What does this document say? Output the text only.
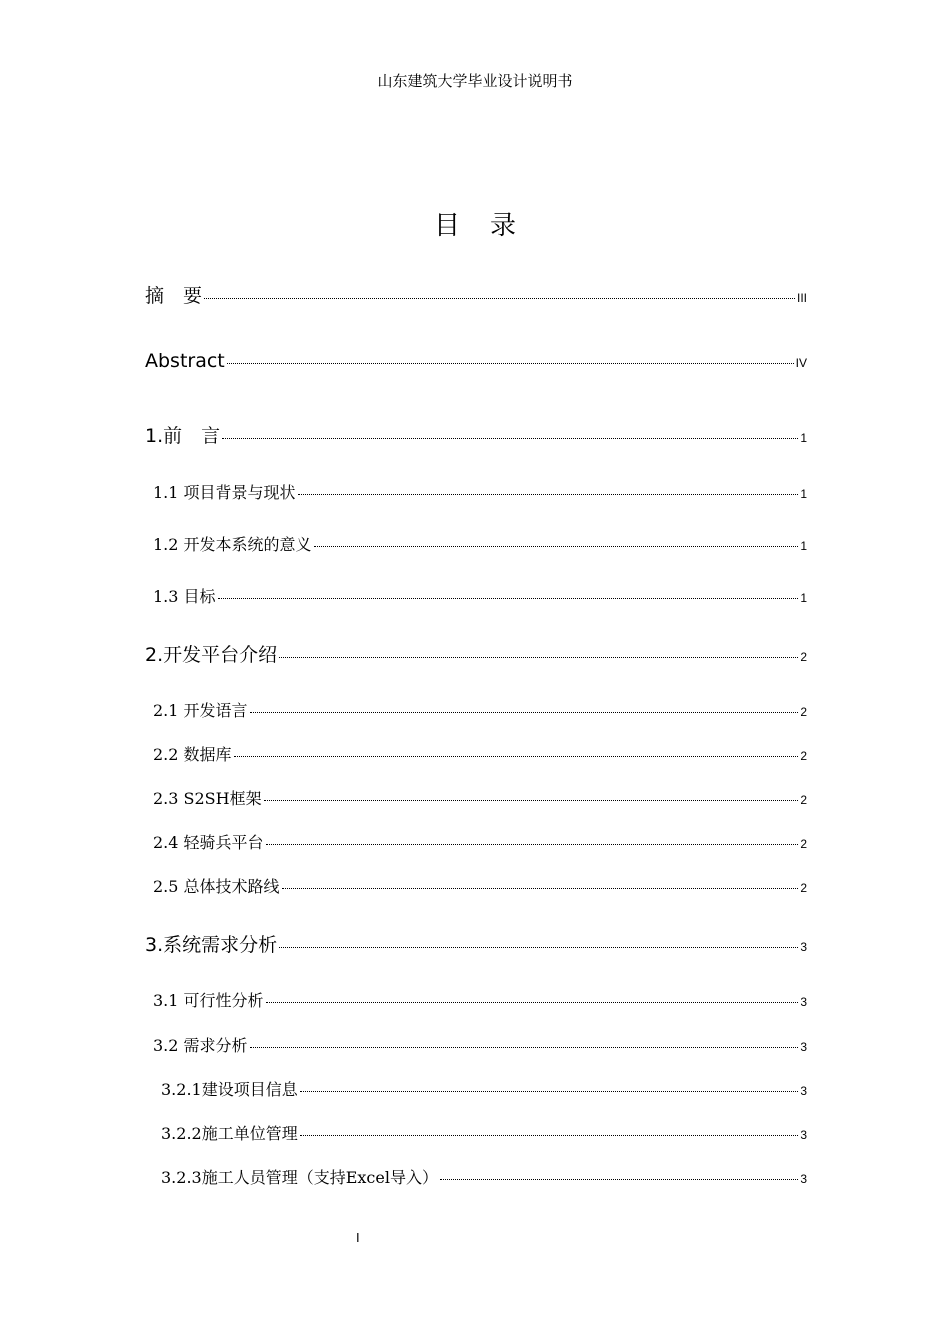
山东建筑大学毕业设计说明书
目录
摘　要	III
Abstract	IV
1.前　言	1
1.1 项目背景与现状	1
1.2 开发本系统的意义	1
1.3 目标	1
2.开发平台介绍	2
2.1 开发语言	2
2.2 数据库	2
2.3 S2SH框架	2
2.4 轻骑兵平台	2
2.5 总体技术路线	2
3.系统需求分析	3
3.1 可行性分析	3
3.2 需求分析	3
3.2.1建设项目信息	3
3.2.2施工单位管理	3
3.2.3施工人员管理（支持Excel导入）	3
I
